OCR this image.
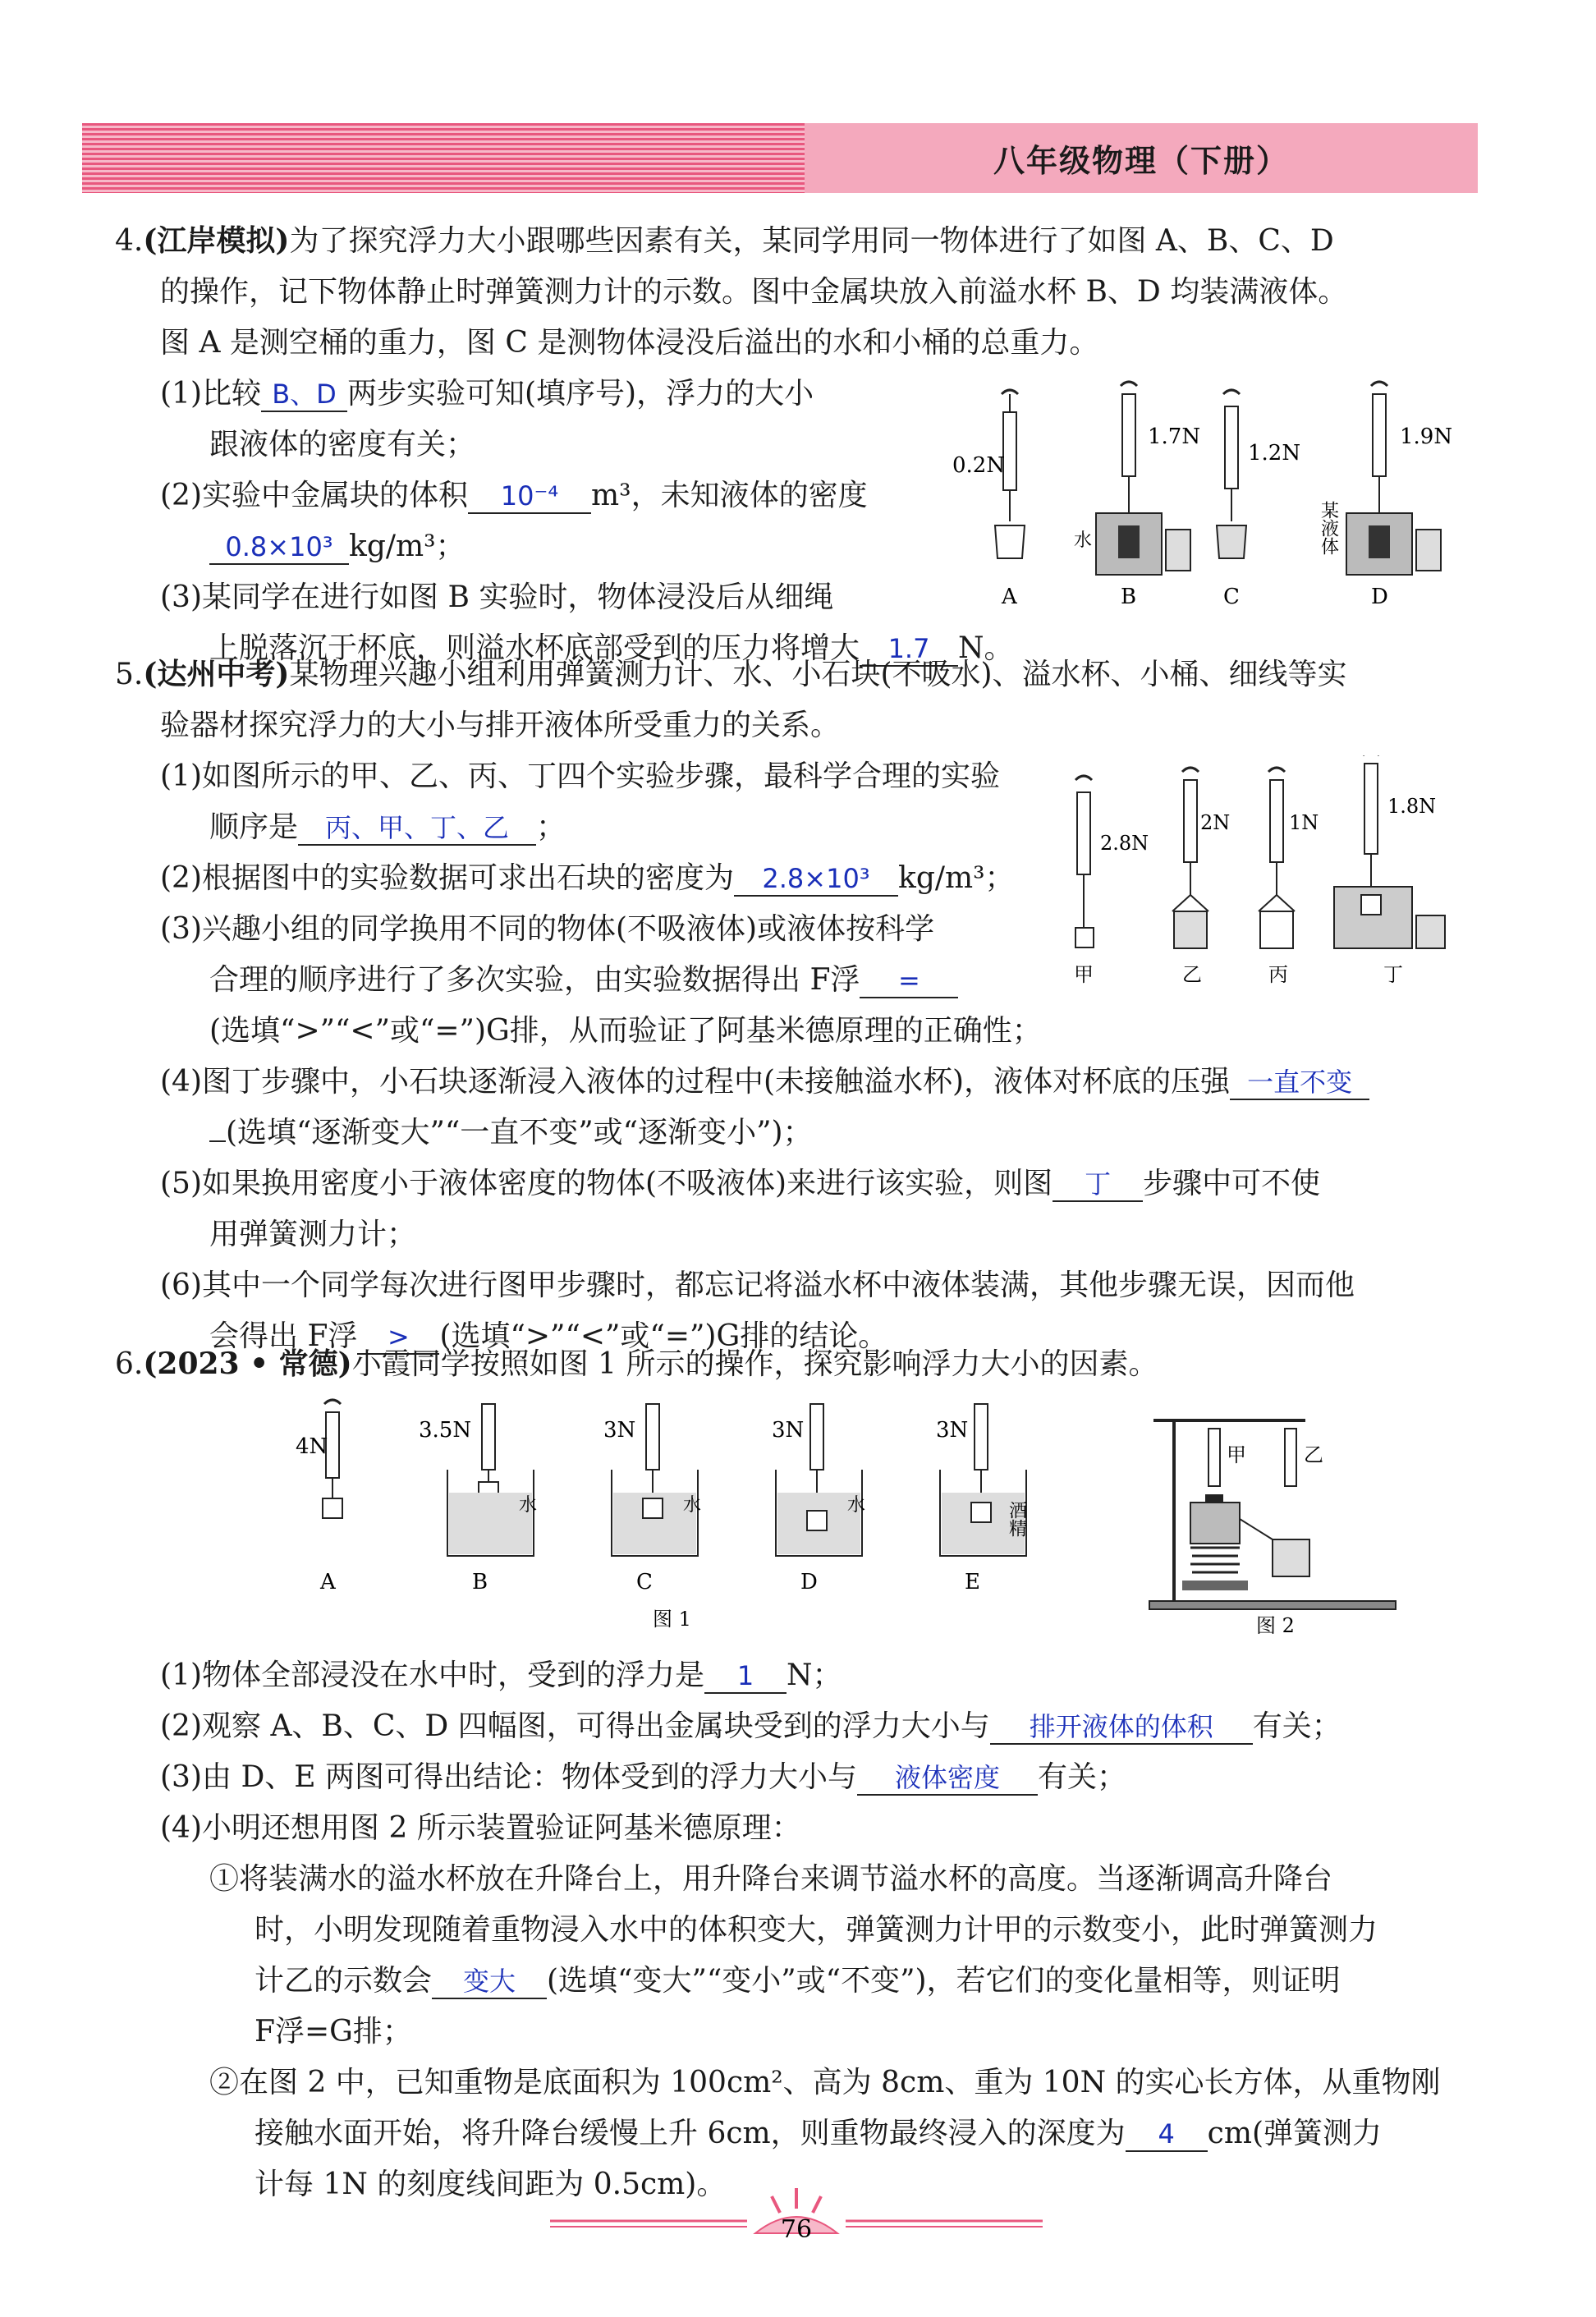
八年级物理（下册）

4.(江岸模拟)为了探究浮力大小跟哪些因素有关，某同学用同一物体进行了如图 A、B、C、D

的操作，记下物体静止时弹簧测力计的示数。图中金属块放入前溢水杯 B、D 均装满液体。

图 A 是测空桶的重力，图 C 是测物体浸没后溢出的水和小桶的总重力。

(1)比较 B、D 两步实验可知(填序号)，浮力的大小

跟液体的密度有关；

(2)实验中金属块的体积 10⁻⁴ m³，未知液体的密度

0.8×10³ kg/m³；

(3)某同学在进行如图 B 实验时，物体浸没后从细绳

上脱落沉于杯底，则溢水杯底部受到的压力将增大 1.7 N。

0.2N
A
1.7N
水
B
1.2N
C
1.9N
某液体
D

5.(达州中考)某物理兴趣小组利用弹簧测力计、水、小石块(不吸水)、溢水杯、小桶、细线等实

验器材探究浮力的大小与排开液体所受重力的关系。

(1)如图所示的甲、乙、丙、丁四个实验步骤，最科学合理的实验

顺序是 丙、甲、丁、乙 ；

(2)根据图中的实验数据可求出石块的密度为 2.8×10³ kg/m³；

(3)兴趣小组的同学换用不同的物体(不吸液体)或液体按科学

合理的顺序进行了多次实验，由实验数据得出 F浮 =

(选填“>”“<”或“=”)G排，从而验证了阿基米德原理的正确性；

(4)图丁步骤中，小石块逐渐浸入液体的过程中(未接触溢水杯)，液体对杯底的压强 一直不变

(选填“逐渐变大”“一直不变”或“逐渐变小”)；

(5)如果换用密度小于液体密度的物体(不吸液体)来进行该实验，则图 丁 步骤中可不使

用弹簧测力计；

(6)其中一个同学每次进行图甲步骤时，都忘记将溢水杯中液体装满，其他步骤无误，因而他

会得出 F浮 > (选填“>”“<”或“=”)G排的结论。

2.8N
甲
2N
乙
1N
丙
1.8N
丁

6.(2023 • 常德)小霞同学按照如图 1 所示的操作，探究影响浮力大小的因素。

4N
A
3.5N
水
B
3N
水
C
3N
水
D
3N
酒精
E
图 1
甲	乙
图 2

(1)物体全部浸没在水中时，受到的浮力是 1 N；

(2)观察 A、B、C、D 四幅图，可得出金属块受到的浮力大小与 排开液体的体积 有关；

(3)由 D、E 两图可得出结论：物体受到的浮力大小与 液体密度 有关；

(4)小明还想用图 2 所示装置验证阿基米德原理：

①将装满水的溢水杯放在升降台上，用升降台来调节溢水杯的高度。当逐渐调高升降台

时，小明发现随着重物浸入水中的体积变大，弹簧测力计甲的示数变小，此时弹簧测力

计乙的示数会 变大 (选填“变大”“变小”或“不变”)，若它们的变化量相等，则证明

F浮=G排；

②在图 2 中，已知重物是底面积为 100cm²、高为 8cm、重为 10N 的实心长方体，从重物刚

接触水面开始，将升降台缓慢上升 6cm，则重物最终浸入的深度为 4 cm(弹簧测力

计每 1N 的刻度线间距为 0.5cm)。

76
